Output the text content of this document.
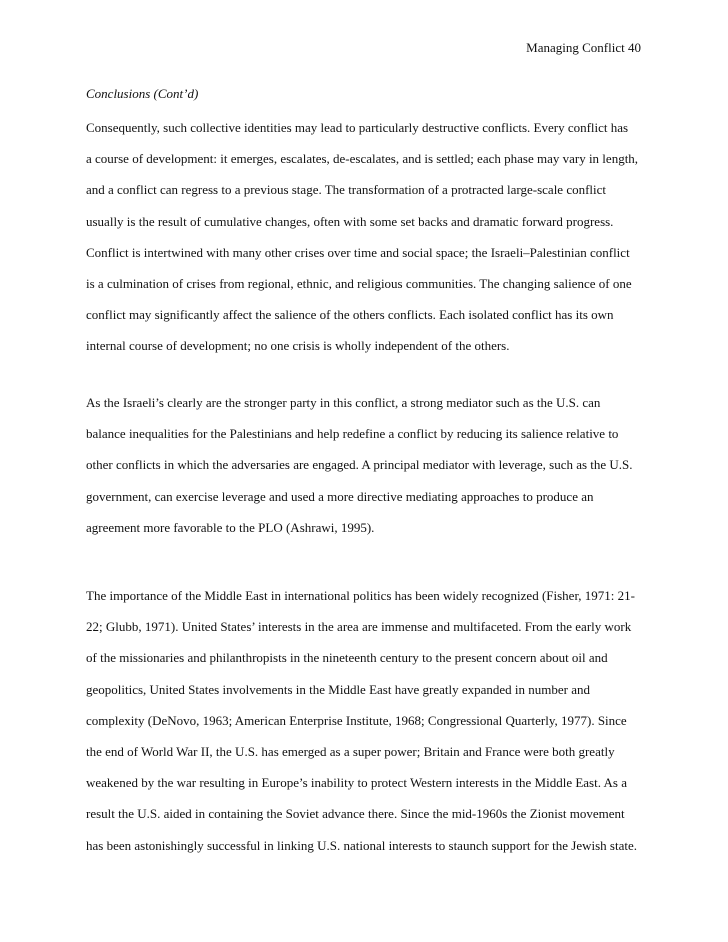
Managing Conflict 40
Conclusions (Cont’d)
Consequently, such collective identities may lead to particularly destructive conflicts. Every conflict has
a course of development: it emerges, escalates, de-escalates, and is settled; each phase may vary in length,
and a conflict can regress to a previous stage. The transformation of a protracted large-scale conflict
usually is the result of cumulative changes, often with some set backs and dramatic forward progress.
Conflict is intertwined with many other crises over time and social space; the Israeli–Palestinian conflict
is a culmination of crises from regional, ethnic, and religious communities. The changing salience of one
conflict may significantly affect the salience of the others conflicts. Each isolated conflict has its own
internal course of development; no one crisis is wholly independent of the others.
As the Israeli’s clearly are the stronger party in this conflict, a strong mediator such as the U.S. can
balance inequalities for the Palestinians and help redefine a conflict by reducing its salience relative to
other conflicts in which the adversaries are engaged. A principal mediator with leverage, such as the U.S.
government, can exercise leverage and used a more directive mediating approaches to produce an
agreement more favorable to the PLO (Ashrawi, 1995).
The importance of the Middle East in international politics has been widely recognized (Fisher, 1971: 21-
22; Glubb, 1971). United States’ interests in the area are immense and multifaceted. From the early work
of the missionaries and philanthropists in the nineteenth century to the present concern about oil and
geopolitics, United States involvements in the Middle East have greatly expanded in number and
complexity (DeNovo, 1963; American Enterprise Institute, 1968; Congressional Quarterly, 1977). Since
the end of World War II, the U.S. has emerged as a super power; Britain and France were both greatly
weakened by the war resulting in Europe’s inability to protect Western interests in the Middle East. As a
result the U.S. aided in containing the Soviet advance there. Since the mid-1960s the Zionist movement
has been astonishingly successful in linking U.S. national interests to staunch support for the Jewish state.
